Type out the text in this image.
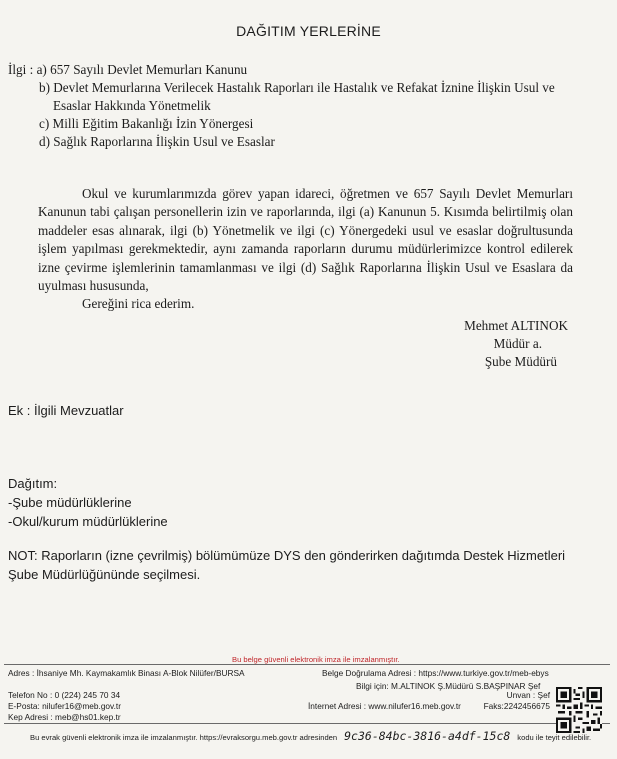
DAĞITIM YERLERİNE
İlgi : a) 657 Sayılı Devlet Memurları Kanunu
b) Devlet Memurlarına Verilecek Hastalık Raporları ile Hastalık ve Refakat İznine İlişkin Usul ve
Esaslar Hakkında Yönetmelik
c) Milli Eğitim Bakanlığı İzin Yönergesi
d) Sağlık Raporlarına İlişkin Usul ve Esaslar

Okul ve kurumlarımızda görev yapan idareci, öğretmen ve 657 Sayılı Devlet Memurları Kanunun tabi çalışan personellerin izin ve raporlarında, ilgi (a) Kanunun 5. Kısımda belirtilmiş olan maddeler esas alınarak, ilgi (b) Yönetmelik ve ilgi (c) Yönergedeki usul ve esaslar doğrultusunda işlem yapılması gerekmektedir, aynı zamanda raporların durumu müdürlerimizce kontrol edilerek izne çevirme işlemlerinin tamamlanması ve ilgi (d) Sağlık Raporlarına İlişkin Usul ve Esaslara da uyulması hususunda,

Gereğini rica ederim.

Mehmet ALTINOK
Müdür a.
Şube Müdürü
Ek : İlgili Mevzuatlar
Dağıtım:
-Şube müdürlüklerine
-Okul/kurum müdürlüklerine
NOT: Raporların (izne çevrilmiş) bölümümüze DYS den gönderirken dağıtımda Destek Hizmetleri Şube Müdürlüğününde seçilmesi.
Bu belge güvenli elektronik imza ile imzalanmıştır.
Adres : İhsaniye Mh. Kaymakamlık Binası A-Blok Nilüfer/BURSA	Belge Doğrulama Adresi : https://www.turkiye.gov.tr/meb-ebys
Bilgi için: M.ALTINOK Ş.Müdürü S.BAŞPINAR Şef
Telefon No : 0 (224) 245 70 34	Unvan : Şef
E-Posta: nilufer16@meb.gov.tr	İnternet Adresi : www.nilufer16.meb.gov.tr	Faks:2242456675
Kep Adresi : meb@hs01.kep.tr
Bu evrak güvenli elektronik imza ile imzalanmıştır. https://evraksorgu.meb.gov.tr adresinden 9c36-84bc-3816-a4df-15c8 kodu ile teyit edilebilir.
